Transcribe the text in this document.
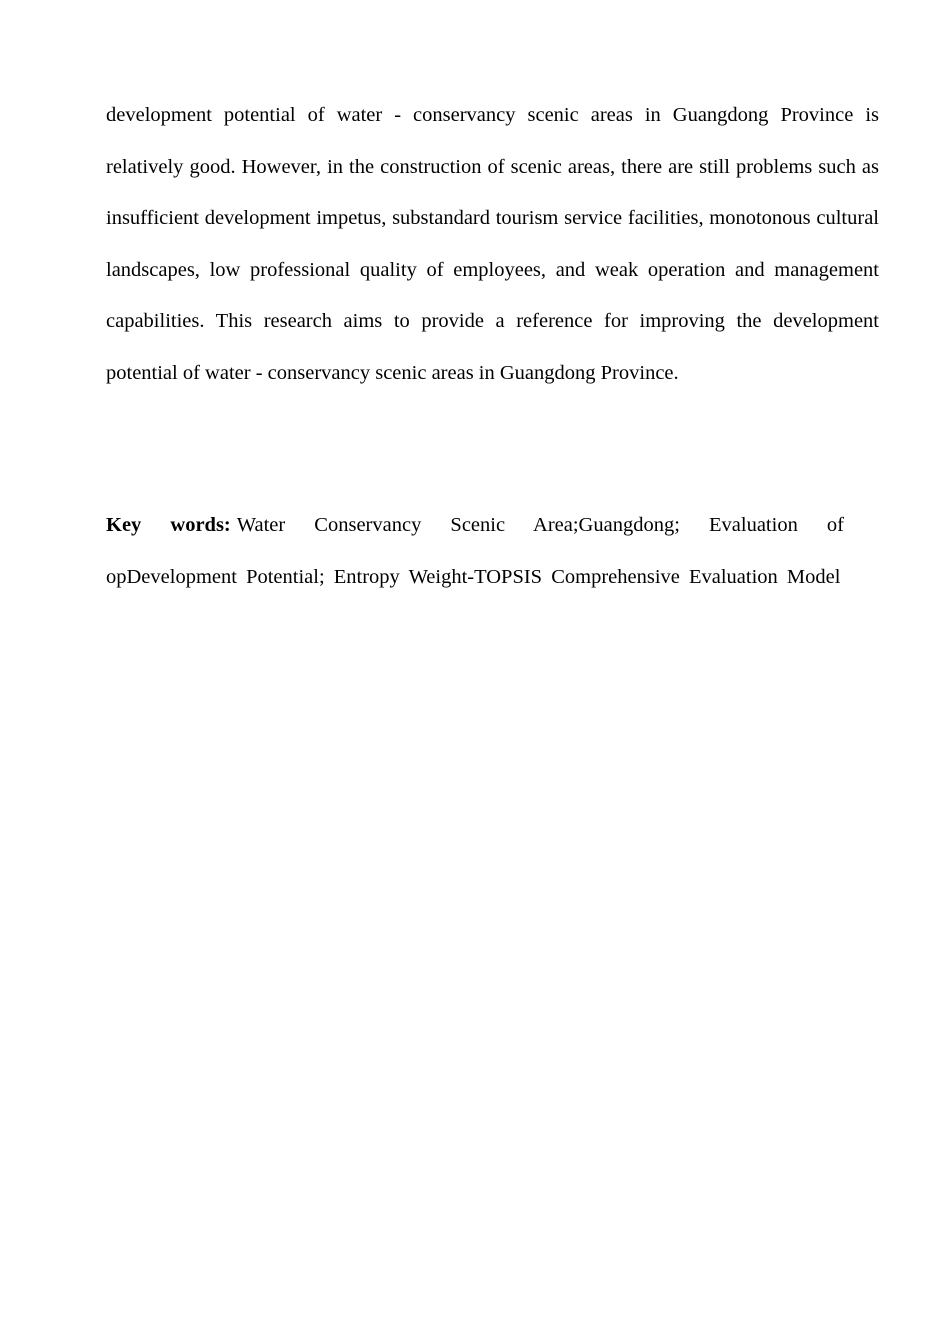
development potential of water - conservancy scenic areas in Guangdong Province is relatively good. However, in the construction of scenic areas, there are still problems such as insufficient development impetus, substandard tourism service facilities, monotonous cultural landscapes, low professional quality of employees, and weak operation and management capabilities. This research aims to provide a reference for improving the development potential of water - conservancy scenic areas in Guangdong Province.

Key words: Water Conservancy Scenic Area;Guangdong; Evaluation of opDevelopment Potential; Entropy Weight-TOPSIS Comprehensive Evaluation Model
